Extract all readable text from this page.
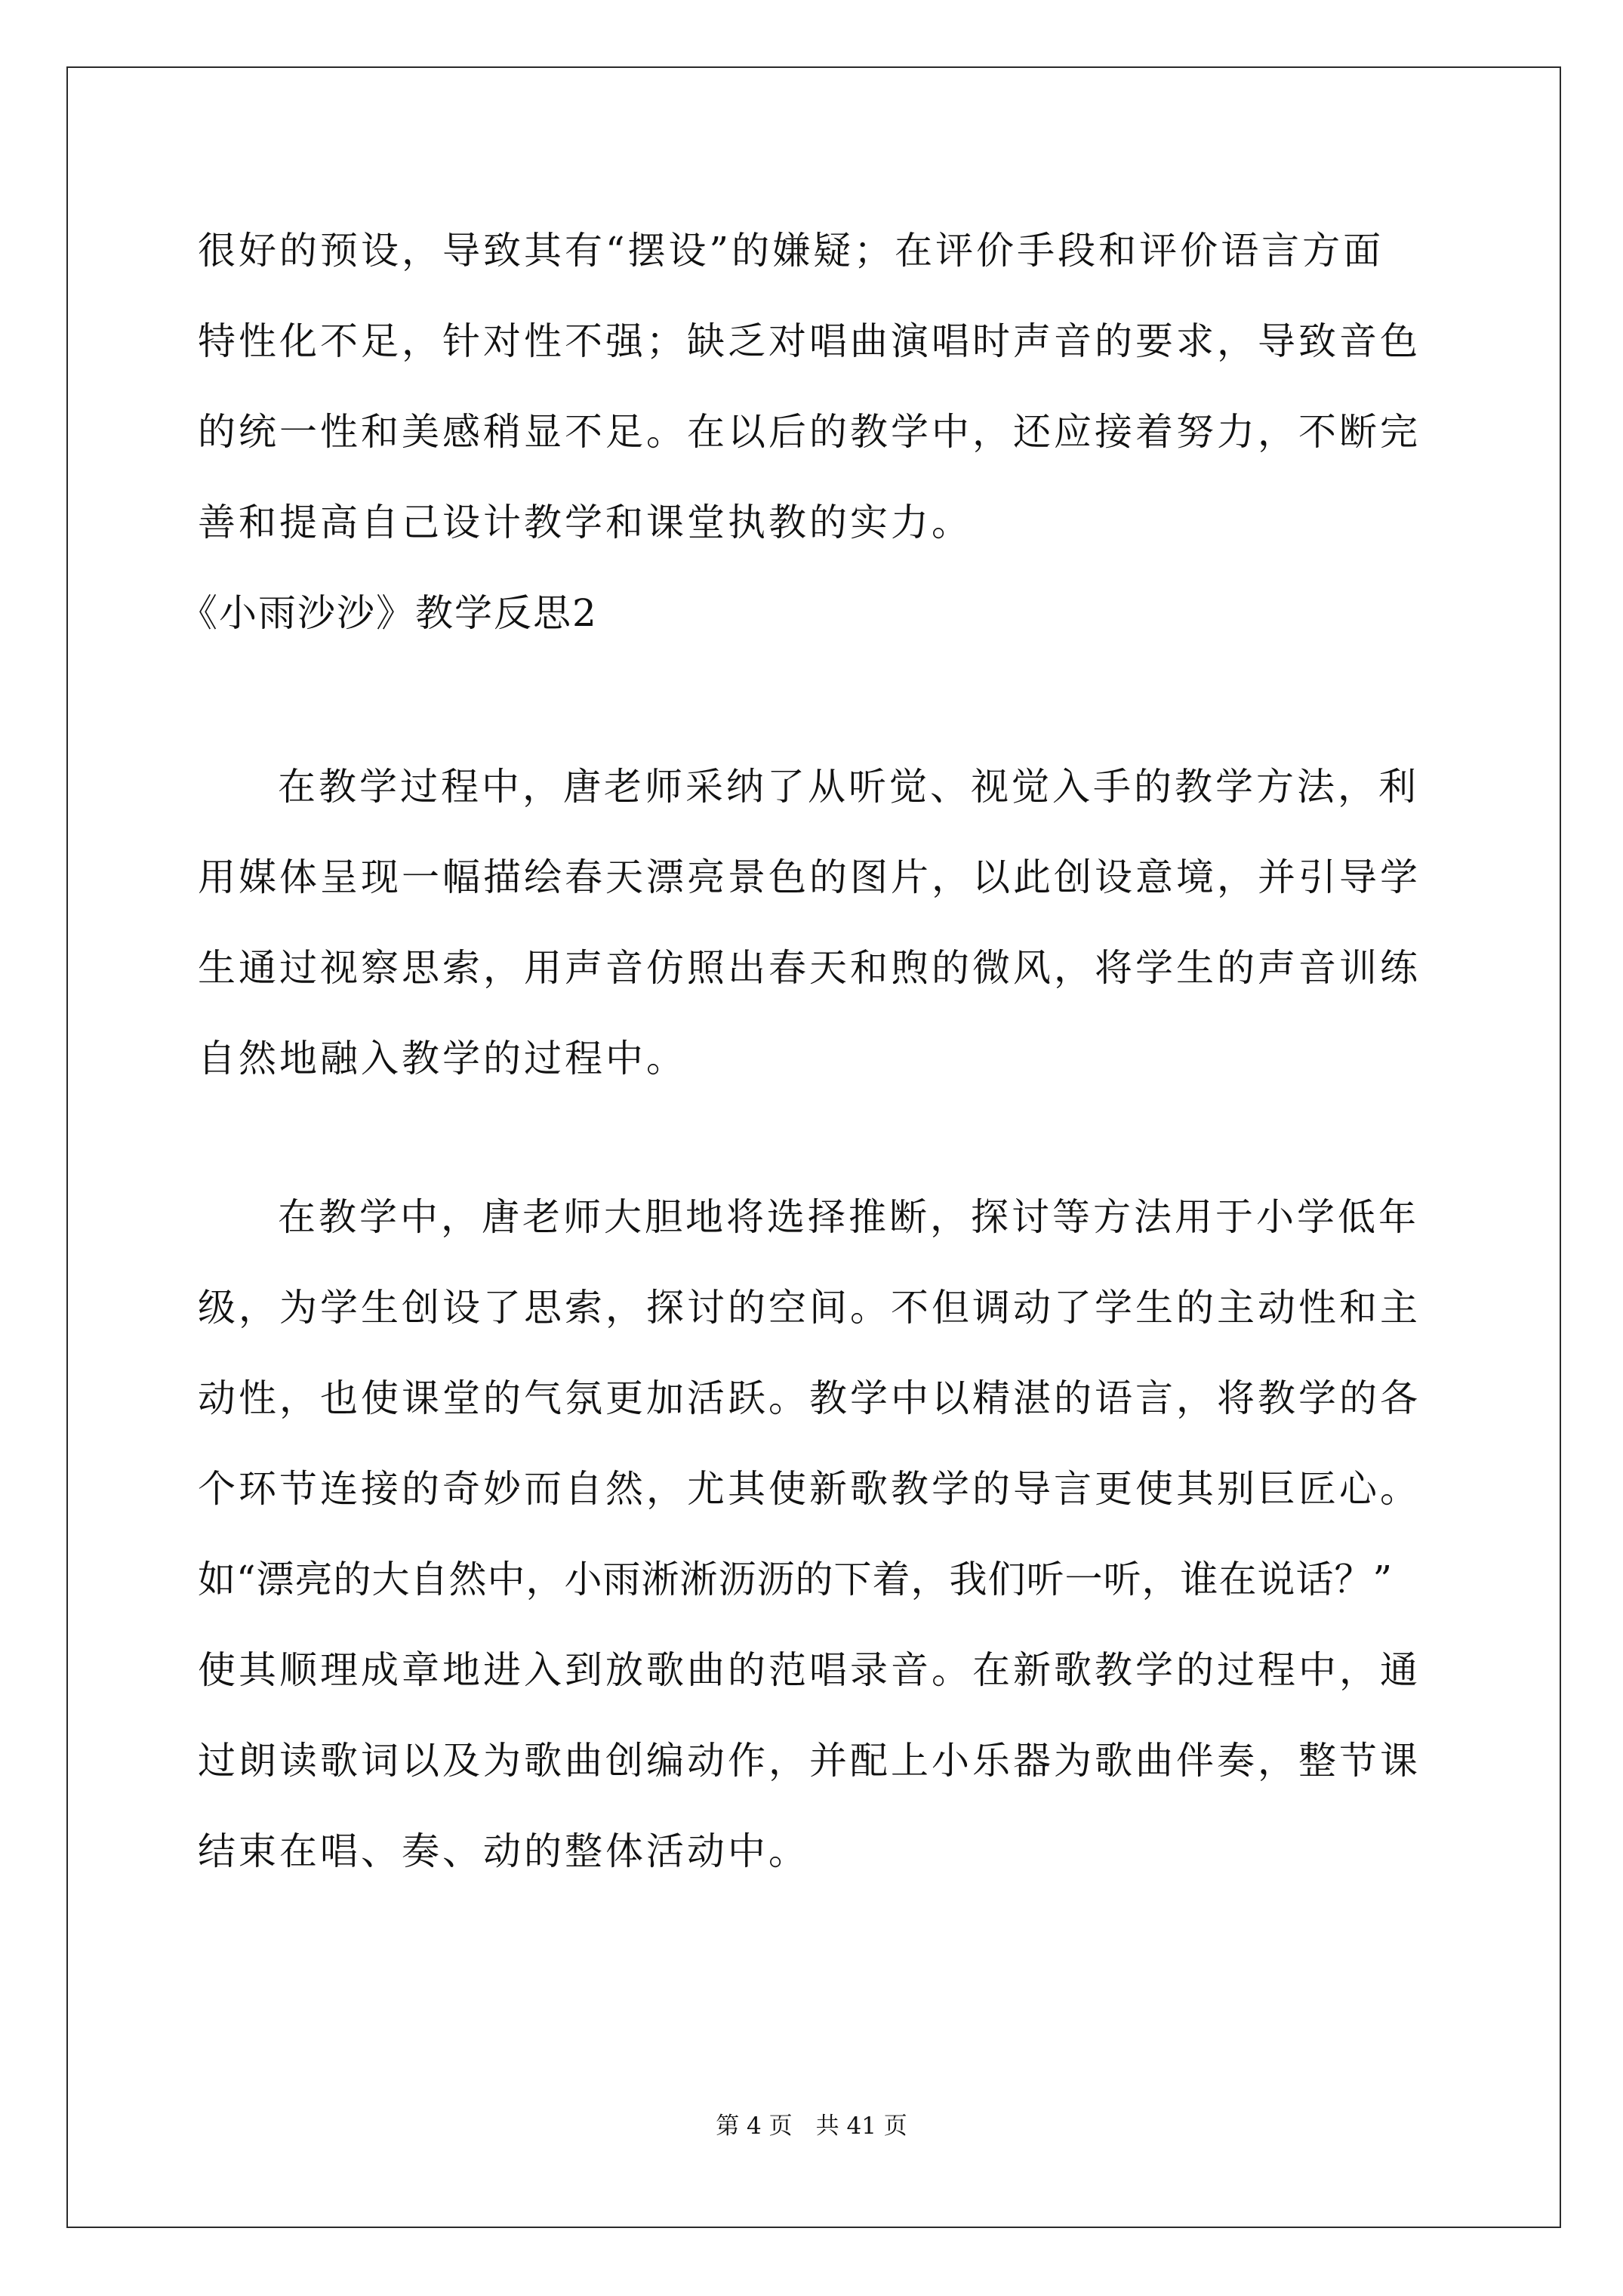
很好的预设，导致其有“摆设”的嫌疑；在评价手段和评价语言方面
特性化不足，针对性不强；缺乏对唱曲演唱时声音的要求，导致音色
的统一性和美感稍显不足。在以后的教学中，还应接着努力，不断完
善和提高自己设计教学和课堂执教的实力。
《小雨沙沙》教学反思2
在教学过程中，唐老师采纳了从听觉、视觉入手的教学方法，利
用媒体呈现一幅描绘春天漂亮景色的图片，以此创设意境，并引导学
生通过视察思索，用声音仿照出春天和煦的微风，将学生的声音训练
自然地融入教学的过程中。
在教学中，唐老师大胆地将选择推断，探讨等方法用于小学低年
级，为学生创设了思索，探讨的空间。不但调动了学生的主动性和主
动性，也使课堂的气氛更加活跃。教学中以精湛的语言，将教学的各
个环节连接的奇妙而自然，尤其使新歌教学的导言更使其别巨匠心。
如“漂亮的大自然中，小雨淅淅沥沥的下着，我们听一听，谁在说话？”
使其顺理成章地进入到放歌曲的范唱录音。在新歌教学的过程中，通
过朗读歌词以及为歌曲创编动作，并配上小乐器为歌曲伴奏，整节课
结束在唱、奏、动的整体活动中。
第 4 页　共 41 页
